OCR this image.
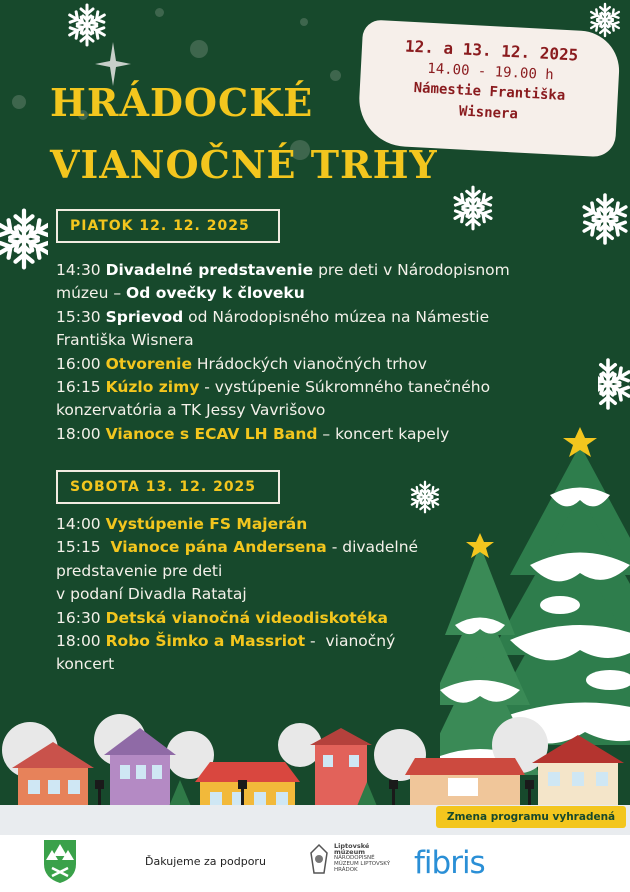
HRÁDOCKÉ
VIANOČNÉ TRHY
12. a 13. 12. 2025
14.00 - 19.00 h
Námestie Františka
Wisnera
PIATOK 12. 12. 2025
14:30 Divadelné predstavenie pre deti v Národopisnom
múzeu – Od ovečky k človeku
15:30 Sprievod od Národopisného múzea na Námestie
Františka Wisnera
16:00 Otvorenie Hrádockých vianočných trhov
16:15 Kúzlo zimy - vystúpenie Súkromného tanečného
konzervatória a TK Jessy Vavrišovo
18:00 Vianoce s ECAV LH Band – koncert kapely
SOBOTA 13. 12. 2025
14:00 Vystúpenie FS Majerán
15:15  Vianoce pána Andersena - divadelné
predstavenie pre deti
v podaní Divadla Ratataj
16:30 Detská vianočná videodiskotéka
18:00 Robo Šimko a Massriot -  vianočný
koncert
Zmena programu vyhradená
Ďakujeme za podporu
Liptovské múzeum
NÁRODOPISNÉ MÚZEUM LIPTOVSKÝ HRÁDOK	fibris
